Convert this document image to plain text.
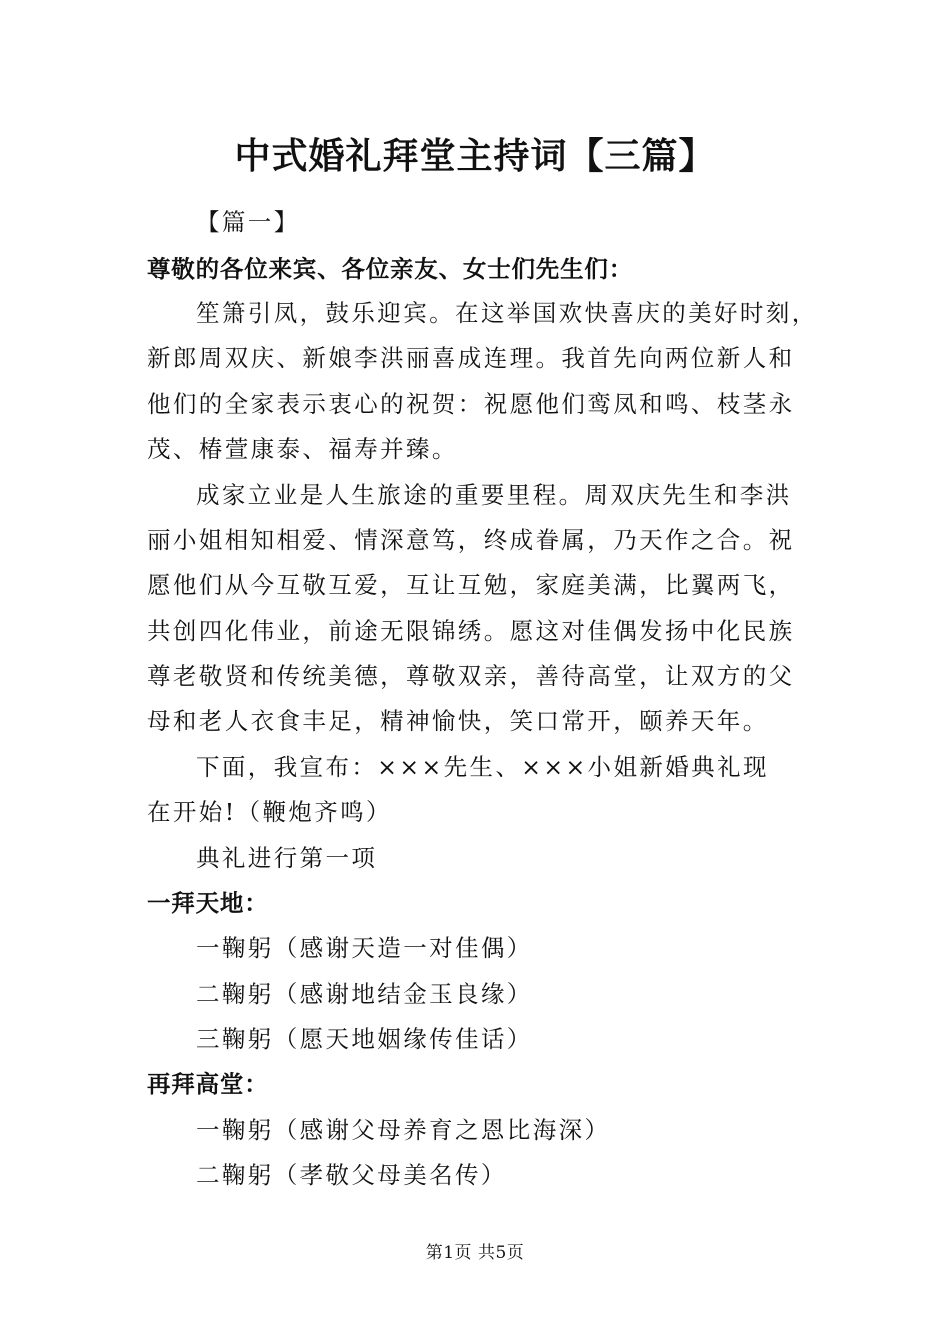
中式婚礼拜堂主持词【三篇】
【篇一】
尊敬的各位来宾、各位亲友、女士们先生们：
笙箫引凤，鼓乐迎宾。在这举国欢快喜庆的美好时刻，
新郎周双庆、新娘李洪丽喜成连理。我首先向两位新人和
他们的全家表示衷心的祝贺：祝愿他们鸾凤和鸣、枝茎永
茂、椿萱康泰、福寿并臻。
成家立业是人生旅途的重要里程。周双庆先生和李洪
丽小姐相知相爱、情深意笃，终成眷属，乃天作之合。祝
愿他们从今互敬互爱，互让互勉，家庭美满，比翼两飞，
共创四化伟业，前途无限锦绣。愿这对佳偶发扬中化民族
尊老敬贤和传统美德，尊敬双亲，善待高堂，让双方的父
母和老人衣食丰足，精神愉快，笑口常开，颐养天年。
下面，我宣布：×××先生、×××小姐新婚典礼现
在开始!（鞭炮齐鸣）
典礼进行第一项
一拜天地：
一鞠躬（感谢天造一对佳偶）
二鞠躬（感谢地结金玉良缘）
三鞠躬（愿天地姻缘传佳话）
再拜高堂：
一鞠躬（感谢父母养育之恩比海深）
二鞠躬（孝敬父母美名传）
第1页 共5页
